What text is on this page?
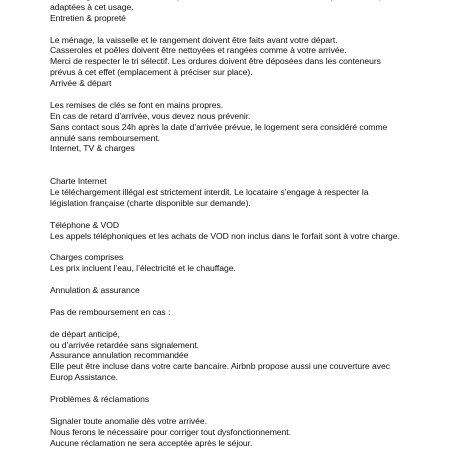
adaptées à cet usage.
Entretien & propreté
Le ménage, la vaisselle et le rangement doivent être faits avant votre départ.
Casseroles et poêles doivent être nettoyées et rangées comme à votre arrivée.
Merci de respecter le tri sélectif. Les ordures doivent être déposées dans les conteneurs
prévus à cet effet (emplacement à préciser sur place).
Arrivée & départ
Les remises de clés se font en mains propres.
En cas de retard d’arrivée, vous devez nous prévenir.
Sans contact sous 24h après la date d’arrivée prévue, le logement sera considéré comme
annulé sans remboursement.
Internet, TV & charges
Charte Internet
Le téléchargement illégal est strictement interdit. Le locataire s’engage à respecter la
législation française (charte disponible sur demande).
Téléphone & VOD
Les appels téléphoniques et les achats de VOD non inclus dans le forfait sont à votre charge.
Charges comprises
Les prix incluent l’eau, l’électricité et le chauffage.
Annulation & assurance
Pas de remboursement en cas :
de départ anticipé,
ou d’arrivée retardée sans signalement.
Assurance annulation recommandée
Elle peut être incluse dans votre carte bancaire. Airbnb propose aussi une couverture avec
Europ Assistance.
Problèmes & réclamations
Signaler toute anomalie dès votre arrivée.
Nous ferons le nécessaire pour corriger tout dysfonctionnement.
Aucune réclamation ne sera acceptée après le séjour.
